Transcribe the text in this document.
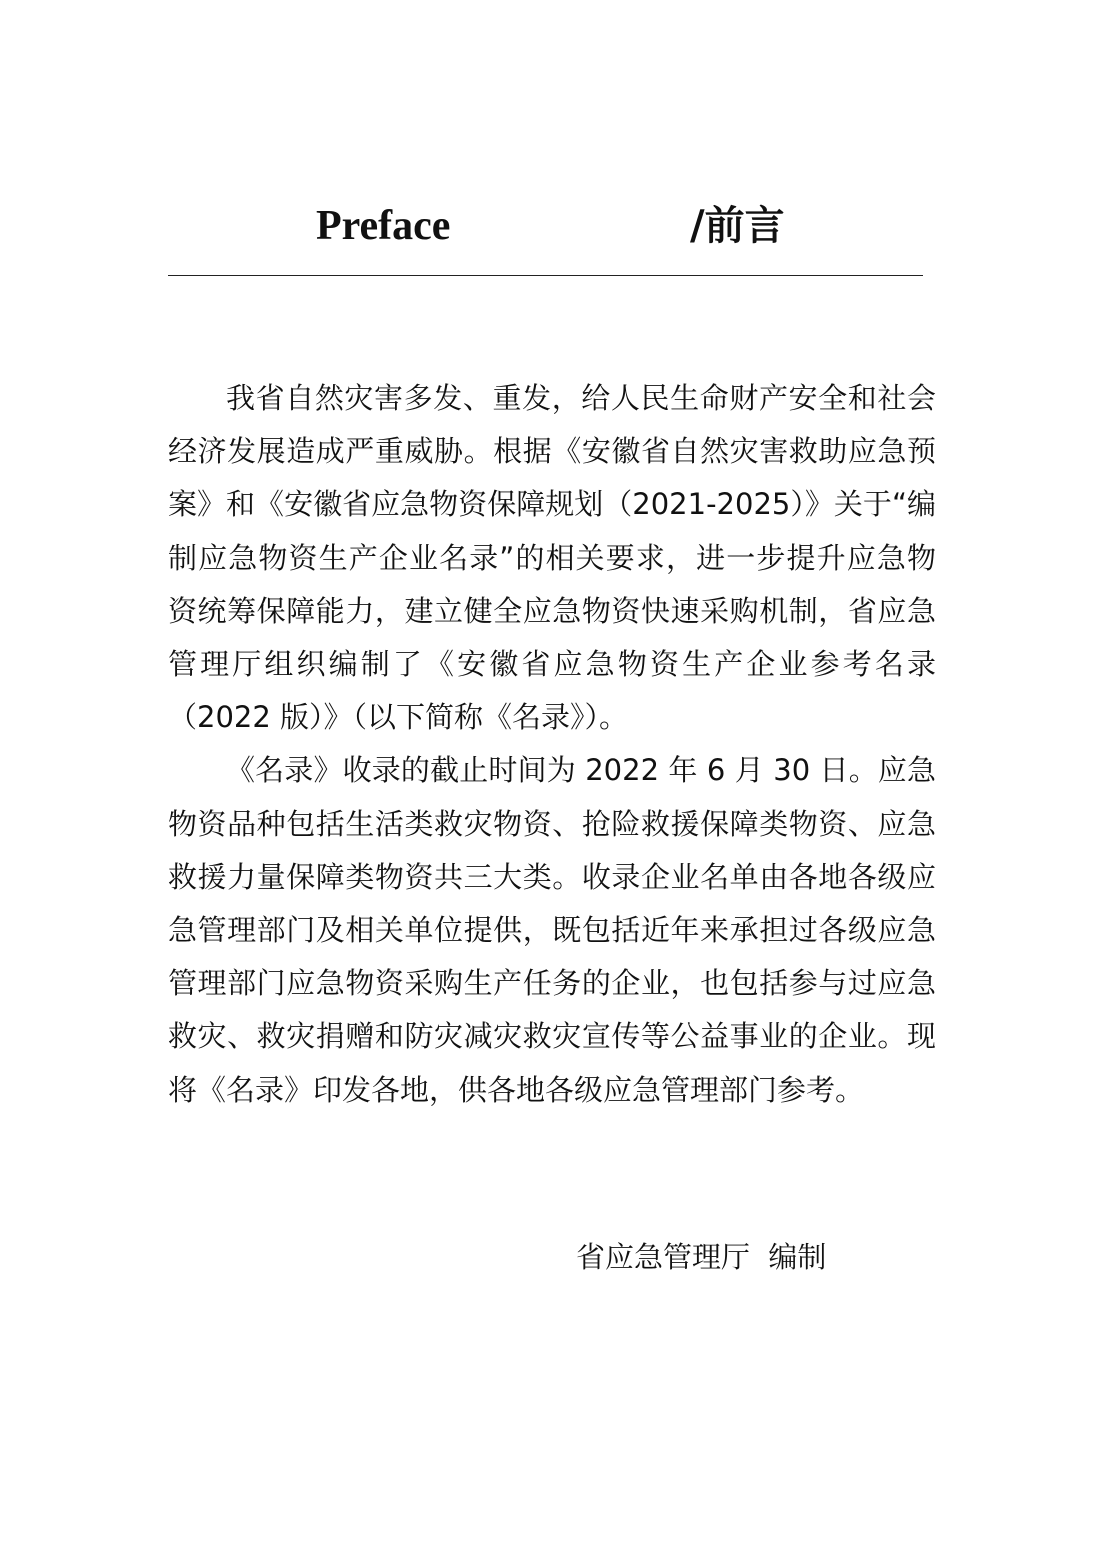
Preface	/前言

我省自然灾害多发、重发，给人民生命财产安全和社会经济发展造成严重威胁。根据《安徽省自然灾害救助应急预案》和《安徽省应急物资保障规划（2021-2025）》关于“编制应急物资生产企业名录”的相关要求，进一步提升应急物资统筹保障能力，建立健全应急物资快速采购机制，省应急管理厅组织编制了《安徽省应急物资生产企业参考名录（2022 版）》（以下简称《名录》）。

《名录》收录的截止时间为 2022 年 6 月 30 日。应急物资品种包括生活类救灾物资、抢险救援保障类物资、应急救援力量保障类物资共三大类。收录企业名单由各地各级应急管理部门及相关单位提供，既包括近年来承担过各级应急管理部门应急物资采购生产任务的企业，也包括参与过应急救灾、救灾捐赠和防灾减灾救灾宣传等公益事业的企业。现将《名录》印发各地，供各地各级应急管理部门参考。

省应急管理厅  编制
